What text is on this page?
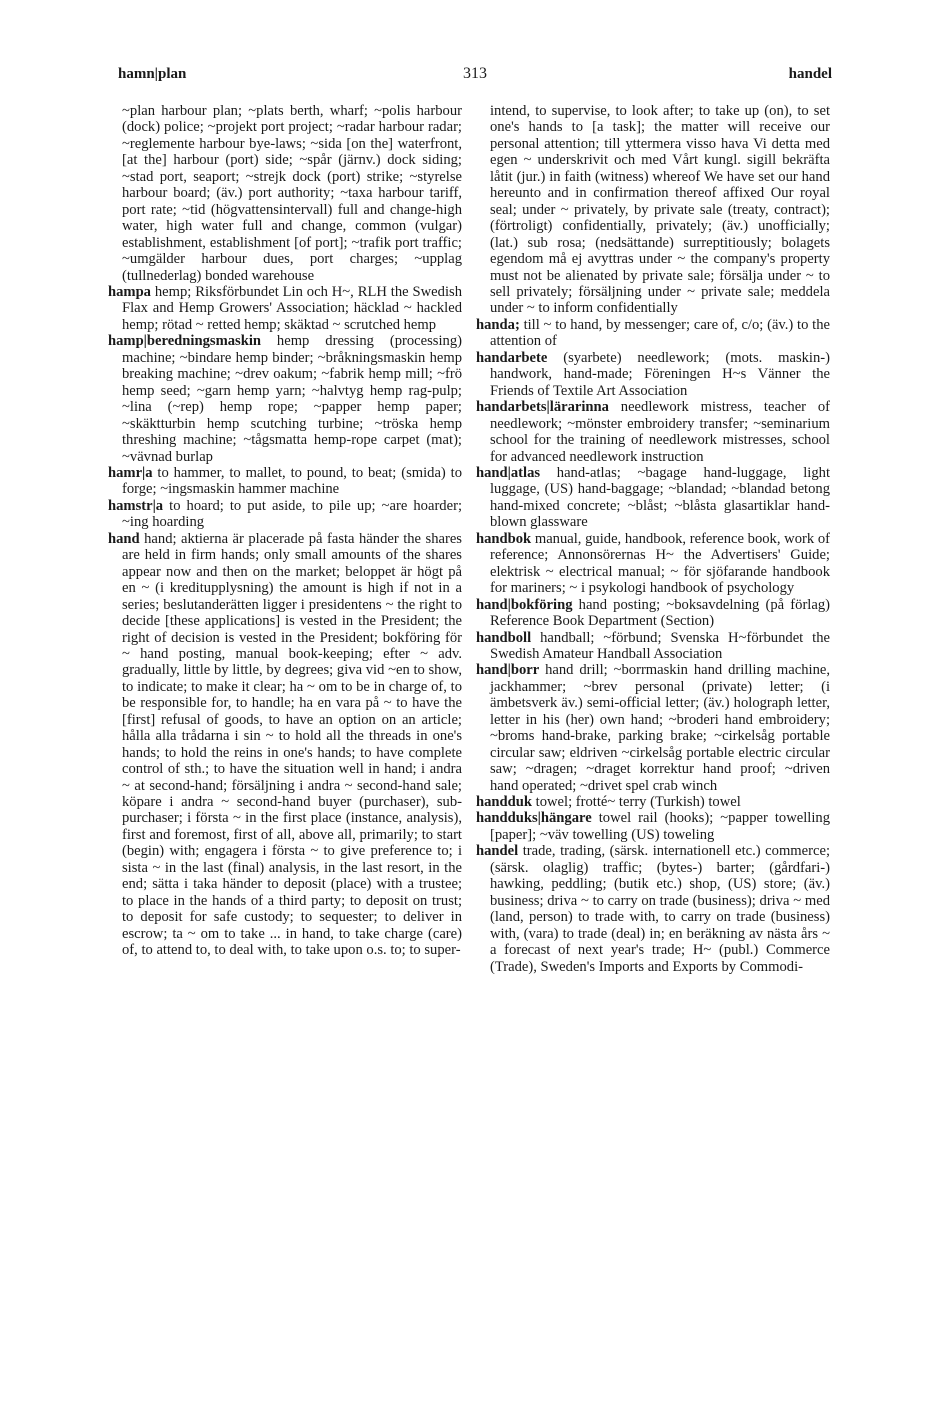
hamn|plan	313	handel

~plan harbour plan; ~plats berth, wharf; ~polis harbour (dock) police; ~projekt port project; ~radar harbour radar; ~reglemente harbour bye-laws; ~sida [on the] waterfront, [at the] harbour (port) side; ~spår (järnv.) dock siding; ~stad port, seaport; ~strejk dock (port) strike; ~styrelse harbour board; (äv.) port authority; ~taxa harbour tariff, port rate; ~tid (högvattensintervall) full and change-high water, high water full and change, common (vulgar) establishment, establishment [of port]; ~trafik port traffic; ~umgälder harbour dues, port charges; ~upplag (tullnederlag) bonded warehouse

hampa hemp; Riksförbundet Lin och H~, RLH the Swedish Flax and Hemp Growers' Association; häcklad ~ hackled hemp; rötad ~ retted hemp; skäktad ~ scrutched hemp

hamp|beredningsmaskin hemp dressing (processing) machine; ~bindare hemp binder; ~bråkningsmaskin hemp breaking machine; ~drev oakum; ~fabrik hemp mill; ~frö hemp seed; ~garn hemp yarn; ~halvtyg hemp rag-pulp; ~lina (~rep) hemp rope; ~papper hemp paper; ~skäktturbin hemp scutching turbine; ~tröska hemp threshing machine; ~tågsmatta hemp-rope carpet (mat); ~vävnad burlap

hamr|a to hammer, to mallet, to pound, to beat; (smida) to forge; ~ingsmaskin hammer machine

hamstr|a to hoard; to put aside, to pile up; ~are hoarder; ~ing hoarding

hand hand; aktierna är placerade på fasta händer the shares are held in firm hands; only small amounts of the shares appear now and then on the market; beloppet är högt på en ~ (i kreditupplysning) the amount is high if not in a series; beslutanderätten ligger i presidentens ~ the right to decide [these applications] is vested in the President; the right of decision is vested in the President; bokföring för ~ hand posting, manual book-keeping; efter ~ adv. gradually, little by little, by degrees; giva vid ~en to show, to indicate; to make it clear; ha ~ om to be in charge of, to be responsible for, to handle; ha en vara på ~ to have the [first] refusal of goods, to have an option on an article; hålla alla trådarna i sin ~ to hold all the threads in one's hands; to hold the reins in one's hands; to have complete control of sth.; to have the situation well in hand; i andra ~ at second-hand; försäljning i andra ~ second-hand sale; köpare i andra ~ second-hand buyer (purchaser), sub-purchaser; i första ~ in the first place (instance, analysis), first and foremost, first of all, above all, primarily; to start (begin) with; engagera i första ~ to give preference to; i sista ~ in the last (final) analysis, in the last resort, in the end; sätta i taka händer to deposit (place) with a trustee; to place in the hands of a third party; to deposit on trust; to deposit for safe custody; to sequester; to deliver in escrow; ta ~ om to take ... in hand, to take charge (care) of, to attend to, to deal with, to take upon o.s. to; to super-

intend, to supervise, to look after; to take up (on), to set one's hands to [a task]; the matter will receive our personal attention; till yttermera visso hava Vi detta med egen ~ underskrivit och med Vårt kungl. sigill bekräfta låtit (jur.) in faith (witness) whereof We have set our hand hereunto and in confirmation thereof affixed Our royal seal; under ~ privately, by private sale (treaty, contract); (förtroligt) confidentially, privately; (äv.) unofficially; (lat.) sub rosa; (nedsättande) surreptitiously; bolagets egendom må ej avyttras under ~ the company's property must not be alienated by private sale; försälja under ~ to sell privately; försäljning under ~ private sale; meddela under ~ to inform confidentially

handa; till ~ to hand, by messenger; care of, c/o; (äv.) to the attention of

handarbete (syarbete) needlework; (mots. maskin-) handwork, hand-made; Föreningen H~s Vänner the Friends of Textile Art Association

handarbets|lärarinna needlework mistress, teacher of needlework; ~mönster embroidery transfer; ~seminarium school for the training of needlework mistresses, school for advanced needlework instruction

hand|atlas hand-atlas; ~bagage hand-luggage, light luggage, (US) hand-baggage; ~blandad; ~blandad betong hand-mixed concrete; ~blåst; ~blåsta glasartiklar hand-blown glassware

handbok manual, guide, handbook, reference book, work of reference; Annonsörernas H~ the Advertisers' Guide; elektrisk ~ electrical manual; ~ för sjöfarande handbook for mariners; ~ i psykologi handbook of psychology

hand|bokföring hand posting; ~boksavdelning (på förlag) Reference Book Department (Section)

handboll handball; ~förbund; Svenska H~förbundet the Swedish Amateur Handball Association

hand|borr hand drill; ~borrmaskin hand drilling machine, jackhammer; ~brev personal (private) letter; (i ämbetsverk äv.) semi-official letter; (äv.) holograph letter, letter in his (her) own hand; ~broderi hand embroidery; ~broms hand-brake, parking brake; ~cirkelsåg portable circular saw; eldriven ~cirkelsåg portable electric circular saw; ~dragen; ~draget korrektur hand proof; ~driven hand operated; ~drivet spel crab winch

handduk towel; frotté~ terry (Turkish) towel

handduks|hängare towel rail (hooks); ~papper towelling [paper]; ~väv towelling (US) toweling

handel trade, trading, (särsk. internationell etc.) commerce; (särsk. olaglig) traffic; (bytes-) barter; (gårdfari-) hawking, peddling; (butik etc.) shop, (US) store; (äv.) business; driva ~ to carry on trade (business); driva ~ med (land, person) to trade with, to carry on trade (business) with, (vara) to trade (deal) in; en beräkning av nästa års ~ a forecast of next year's trade; H~ (publ.) Commerce (Trade), Sweden's Imports and Exports by Commodi-
